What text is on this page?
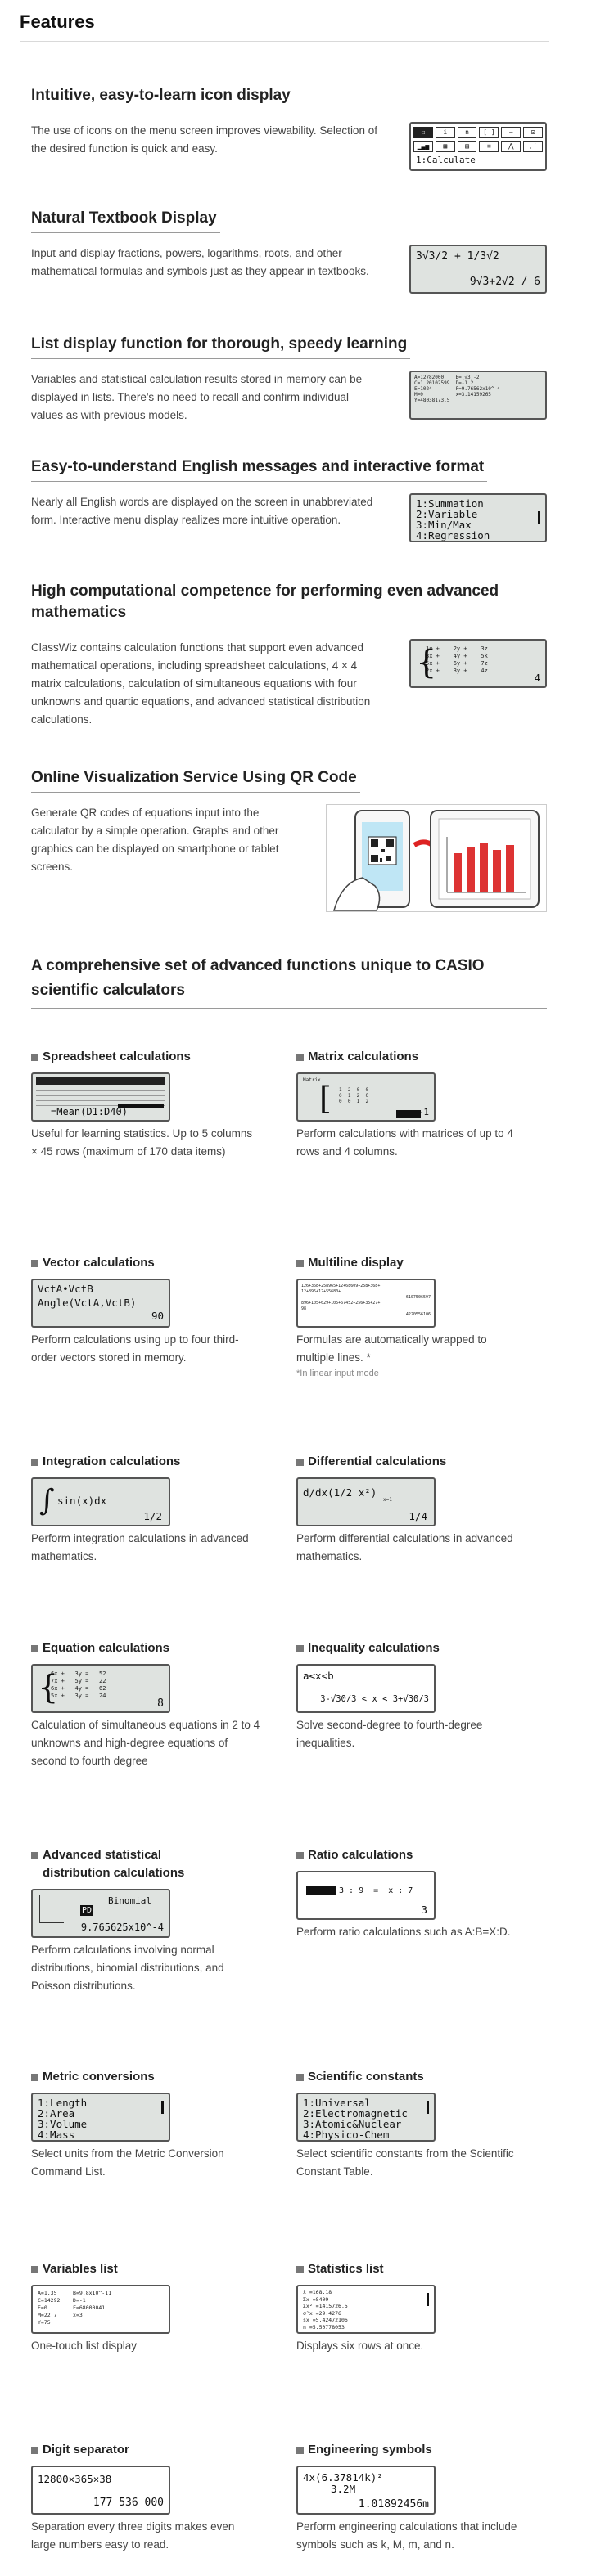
Features
Intuitive, easy-to-learn icon display

The use of icons on the menu screen improves viewability. Selection of the desired function is quick and easy.

☐	i	n	[ ]	→	⊡
▁▃▅	▦	▤	≡	⋀	⋰
1:Calculate
Natural Textbook Display

Input and display fractions, powers, logarithms, roots, and other mathematical formulas and symbols just as they appear in textbooks.

3√3/2 + 1/3√2
9√3+2√2 / 6
List display function for thorough, speedy learning

Variables and statistical calculation results stored in memory can be displayed in lists. There's no need to recall and confirm individual values as with previous models.

A=12782000    B=(√3)-2
C=1.20102599  D=-1.2
E=1024        F=9.76562x10^-4
M=0           x=3.14159265
Y=48038173.5
Easy-to-understand English messages and interactive format

Nearly all English words are displayed on the screen in unabbreviated form. Interactive menu display realizes more intuitive operation.

1:Summation
2:Variable
3:Min/Max
4:Regression
High computational competence for performing even advanced mathematics

ClassWiz contains calculation functions that support even advanced mathematical operations, including spreadsheet calculations, 4 × 4 matrix calculations, calculation of simultaneous equations with four unknowns and quartic equations, and advanced statistical distribution calculations.

{
1x +    2y +    3z
3x +    4y +    5k
5x +    6y +    7z
2x +    3y +    4z
4
Online Visualization Service Using QR Code

Generate QR codes of equations input into the calculator by a simple operation. Graphs and other graphics can be displayed on smartphone or tablet screens.

A comprehensive set of advanced functions unique to CASIO scientific calculators
Spreadsheet calculations
=Mean(D1:D40)

Useful for learning statistics. Up to 5 columns × 45 rows (maximum of 170 data items)

Matrix calculations
Matrix
[ 1  2  0  0
0  1  2  0
0  0  1  2
-1

Perform calculations with matrices of up to 4 rows and 4 columns.

Vector calculations
VctA•VctB
Angle(VctA,VctB)
90

Perform calculations using up to four third-order vectors stored in memory.

Multiline display
126+368+258965+12+68609+258+368+
12+895+12+55680+
6107506597
896+105+629+105+67452+256+35+27+
98
4220556106

Formulas are automatically wrapped to multiple lines. *

*In linear input mode
Integration calculations
∫ sin(x)dx
1/2

Perform integration calculations in advanced mathematics.

Differential calculations
d/dx(1/2 x²)
x=1
1/4

Perform differential calculations in advanced mathematics.

Equation calculations
{
6x +   3y =   52
7x +   5y =   22
6x +   4y =   62
5x +   3y =   24
8

Calculation of simultaneous equations in 2 to 4 unknowns and high-degree equations of second to fourth degree

Inequality calculations
a<x<b
3-√30/3 < x < 3+√30/3

Solve second-degree to fourth-degree inequalities.

Advanced statistical distribution calculations
Binomial
PD
9.765625x10^-4

Perform calculations involving normal distributions, binomial distributions, and Poisson distributions.

Ratio calculations
3 : 9  =  x : 7
3

Perform ratio calculations such as A:B=X:D.

Metric conversions
1:Length
2:Area
3:Volume
4:Mass

Select units from the Metric Conversion Command List.

Scientific constants
1:Universal
2:Electromagnetic
3:Atomic&Nuclear
4:Physico-Chem

Select scientific constants from the Scientific Constant Table.

Variables list
A=1.35     B=9.8x10^-11
C=14292    D=-1
E=0        F=68000041
M=22.7     x=3
Y=75

One-touch list display

Statistics list
x̄ =168.18
Σx =8409
Σx² =1415726.5
σ²x =29.4276
sx =5.42472106
n =5.50778053

Displays six rows at once.

Digit separator
12800×365×38
177 536 000

Separation every three digits makes even large numbers easy to read.

Engineering symbols
4x(6.37814k)²
3.2M
1.01892456m

Perform engineering calculations that include symbols such as k, M, m, and n.
